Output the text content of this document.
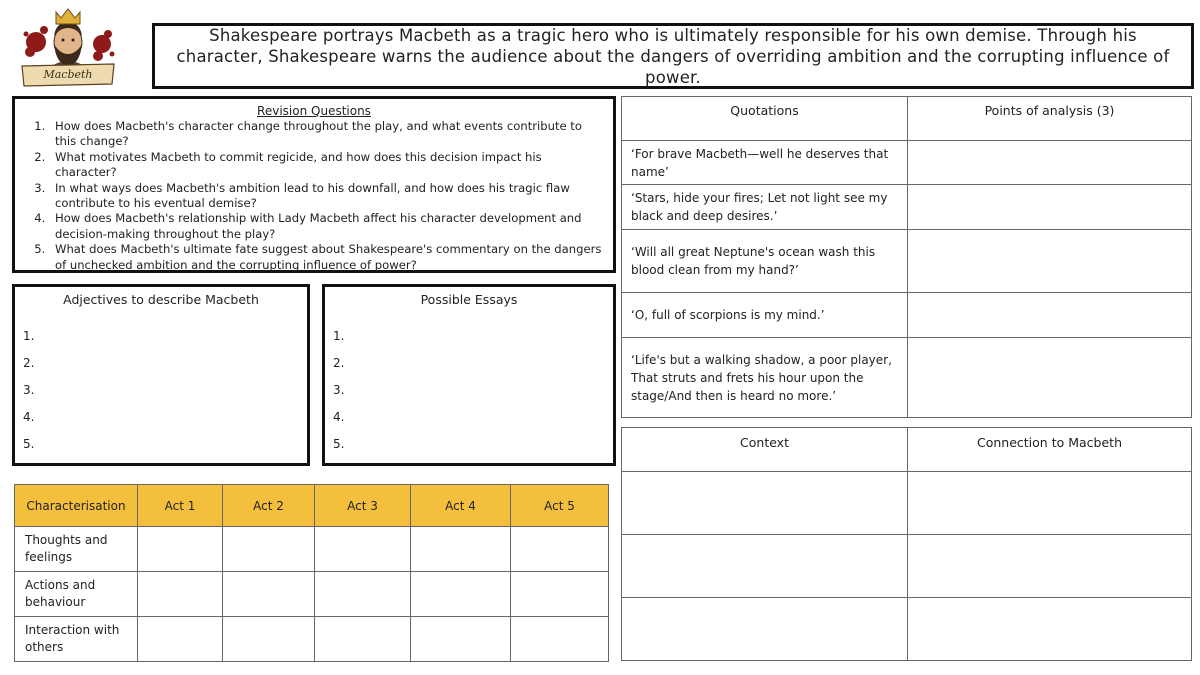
Macbeth
Shakespeare portrays Macbeth as a tragic hero who is ultimately responsible for his own demise. Through his character, Shakespeare warns the audience about the dangers of overriding ambition and the corrupting influence of power.
Revision Questions
1. How does Macbeth's character change throughout the play, and what events contribute to this change?
2. What motivates Macbeth to commit regicide, and how does this decision impact his character?
3. In what ways does Macbeth's ambition lead to his downfall, and how does his tragic flaw contribute to his eventual demise?
4. How does Macbeth's relationship with Lady Macbeth affect his character development and decision-making throughout the play?
5. What does Macbeth's ultimate fate suggest about Shakespeare's commentary on the dangers of unchecked ambition and the corrupting influence of power?
Adjectives to describe Macbeth
1.
2.
3.
4.
5.
Possible Essays
1.
2.
3.
4.
5.
Characterisation	Act 1	Act 2	Act 3	Act 4	Act 5
Thoughts and feelings					
Actions and behaviour					
Interaction with others					
Quotations	Points of analysis (3)
‘For brave Macbeth—well he deserves that name’	
‘Stars, hide your fires; Let not light see my black and deep desires.’	
‘Will all great Neptune's ocean wash this blood clean from my hand?’	
‘O, full of scorpions is my mind.’	
‘Life's but a walking shadow, a poor player, That struts and frets his hour upon the stage/And then is heard no more.’	
Context	Connection to Macbeth
